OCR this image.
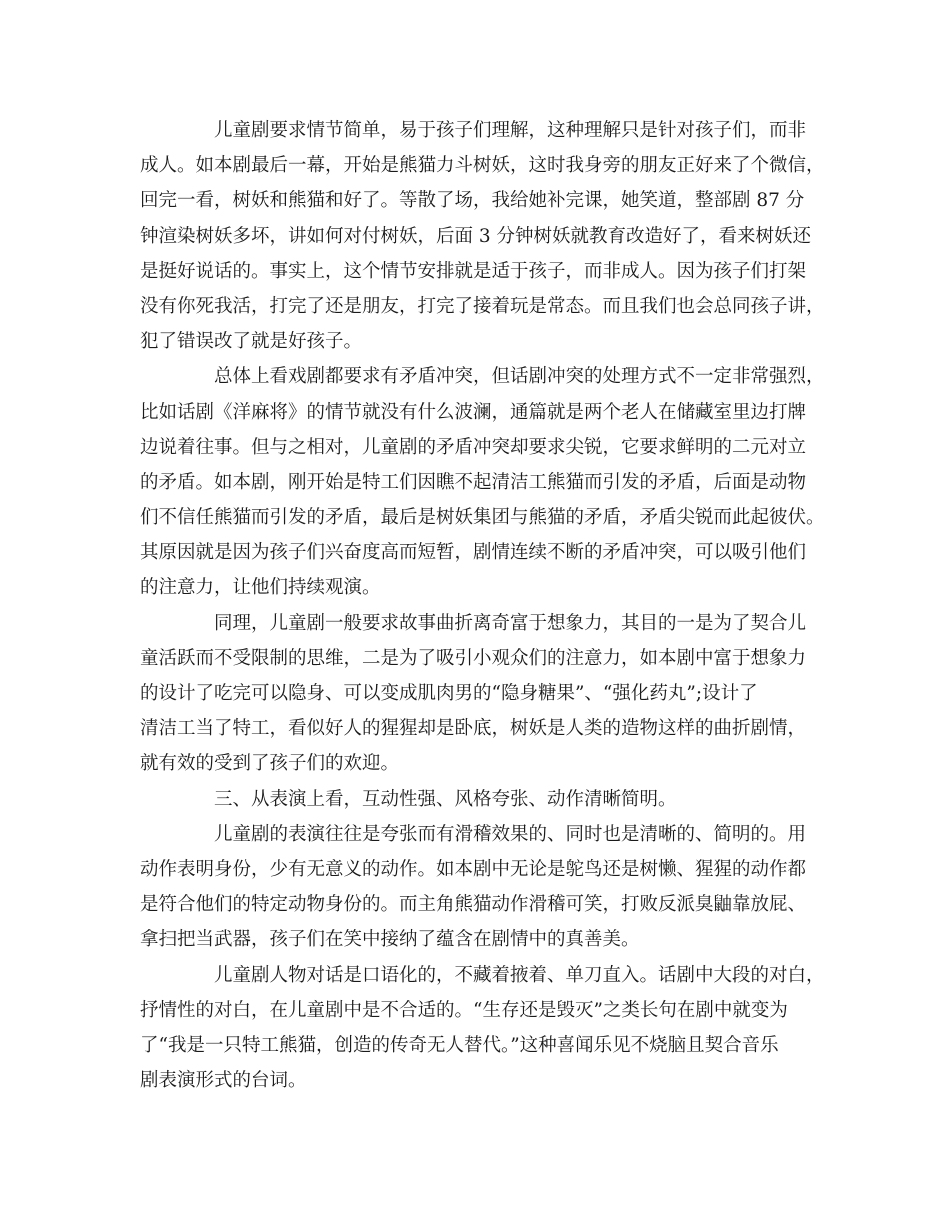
儿童剧要求情节简单，易于孩子们理解，这种理解只是针对孩子们，而非
成人。如本剧最后一幕，开始是熊猫力斗树妖，这时我身旁的朋友正好来了个微信，
回完一看，树妖和熊猫和好了。等散了场，我给她补完课，她笑道，整部剧 87 分
钟渲染树妖多坏，讲如何对付树妖，后面 3 分钟树妖就教育改造好了，看来树妖还
是挺好说话的。事实上，这个情节安排就是适于孩子，而非成人。因为孩子们打架
没有你死我活，打完了还是朋友，打完了接着玩是常态。而且我们也会总同孩子讲，
犯了错误改了就是好孩子。
总体上看戏剧都要求有矛盾冲突，但话剧冲突的处理方式不一定非常强烈，
比如话剧《洋麻将》的情节就没有什么波澜，通篇就是两个老人在储藏室里边打牌
边说着往事。但与之相对，儿童剧的矛盾冲突却要求尖锐，它要求鲜明的二元对立
的矛盾。如本剧，刚开始是特工们因瞧不起清洁工熊猫而引发的矛盾，后面是动物
们不信任熊猫而引发的矛盾，最后是树妖集团与熊猫的矛盾，矛盾尖锐而此起彼伏。
其原因就是因为孩子们兴奋度高而短暂，剧情连续不断的矛盾冲突，可以吸引他们
的注意力，让他们持续观演。
同理，儿童剧一般要求故事曲折离奇富于想象力，其目的一是为了契合儿
童活跃而不受限制的思维，二是为了吸引小观众们的注意力，如本剧中富于想象力
的设计了吃完可以隐身、可以变成肌肉男的“隐身糖果”、“强化药丸”;设计了
清洁工当了特工，看似好人的猩猩却是卧底，树妖是人类的造物这样的曲折剧情，
就有效的受到了孩子们的欢迎。
三、从表演上看，互动性强、风格夸张、动作清晰简明。
儿童剧的表演往往是夸张而有滑稽效果的、同时也是清晰的、简明的。用
动作表明身份，少有无意义的动作。如本剧中无论是鸵鸟还是树懒、猩猩的动作都
是符合他们的特定动物身份的。而主角熊猫动作滑稽可笑，打败反派臭鼬靠放屁、
拿扫把当武器，孩子们在笑中接纳了蕴含在剧情中的真善美。
儿童剧人物对话是口语化的，不藏着掖着、单刀直入。话剧中大段的对白，
抒情性的对白，在儿童剧中是不合适的。“生存还是毁灭”之类长句在剧中就变为
了“我是一只特工熊猫，创造的传奇无人替代。”这种喜闻乐见不烧脑且契合音乐
剧表演形式的台词。
